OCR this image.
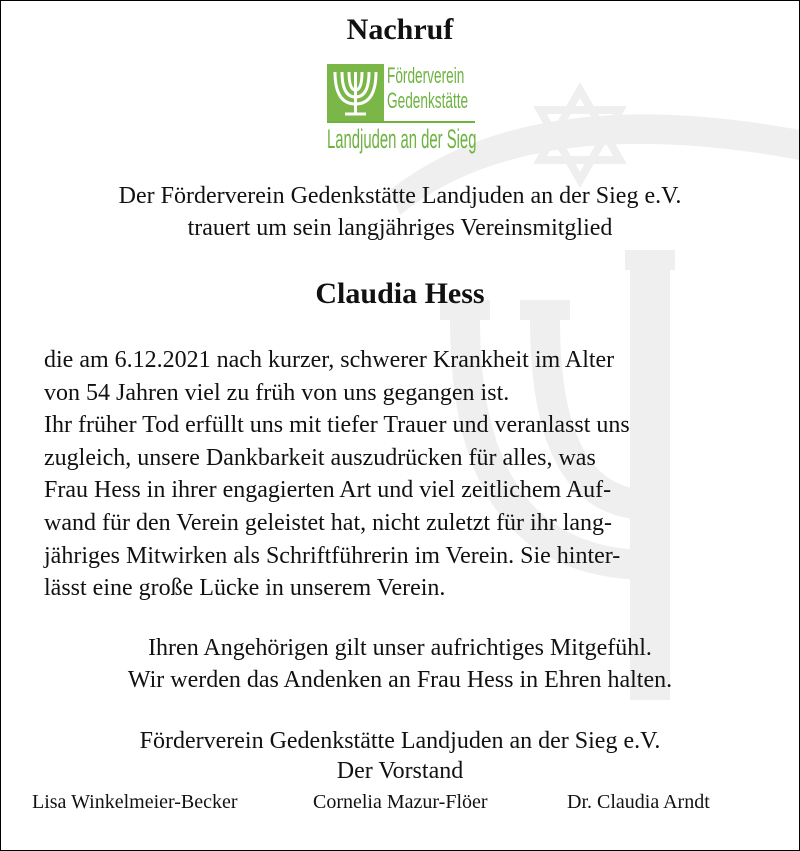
Nachruf
Förderverein
Gedenkstätte
Landjuden an der Sieg
Der Förderverein Gedenkstätte Landjuden an der Sieg e.V.
trauert um sein langjähriges Vereinsmitglied
Claudia Hess
die am 6.12.2021 nach kurzer, schwerer Krankheit im Alter
von 54 Jahren viel zu früh von uns gegangen ist.
Ihr früher Tod erfüllt uns mit tiefer Trauer und veranlasst uns
zugleich, unsere Dankbarkeit auszudrücken für alles, was
Frau Hess in ihrer engagierten Art und viel zeitlichem Auf-
wand für den Verein geleistet hat, nicht zuletzt für ihr lang-
jähriges Mitwirken als Schriftführerin im Verein. Sie hinter-
lässt eine große Lücke in unserem Verein.
Ihren Angehörigen gilt unser aufrichtiges Mitgefühl.
Wir werden das Andenken an Frau Hess in Ehren halten.
Förderverein Gedenkstätte Landjuden an der Sieg e.V.
Der Vorstand
Lisa Winkelmeier-Becker	Cornelia Mazur-Flöer	Dr. Claudia Arndt
